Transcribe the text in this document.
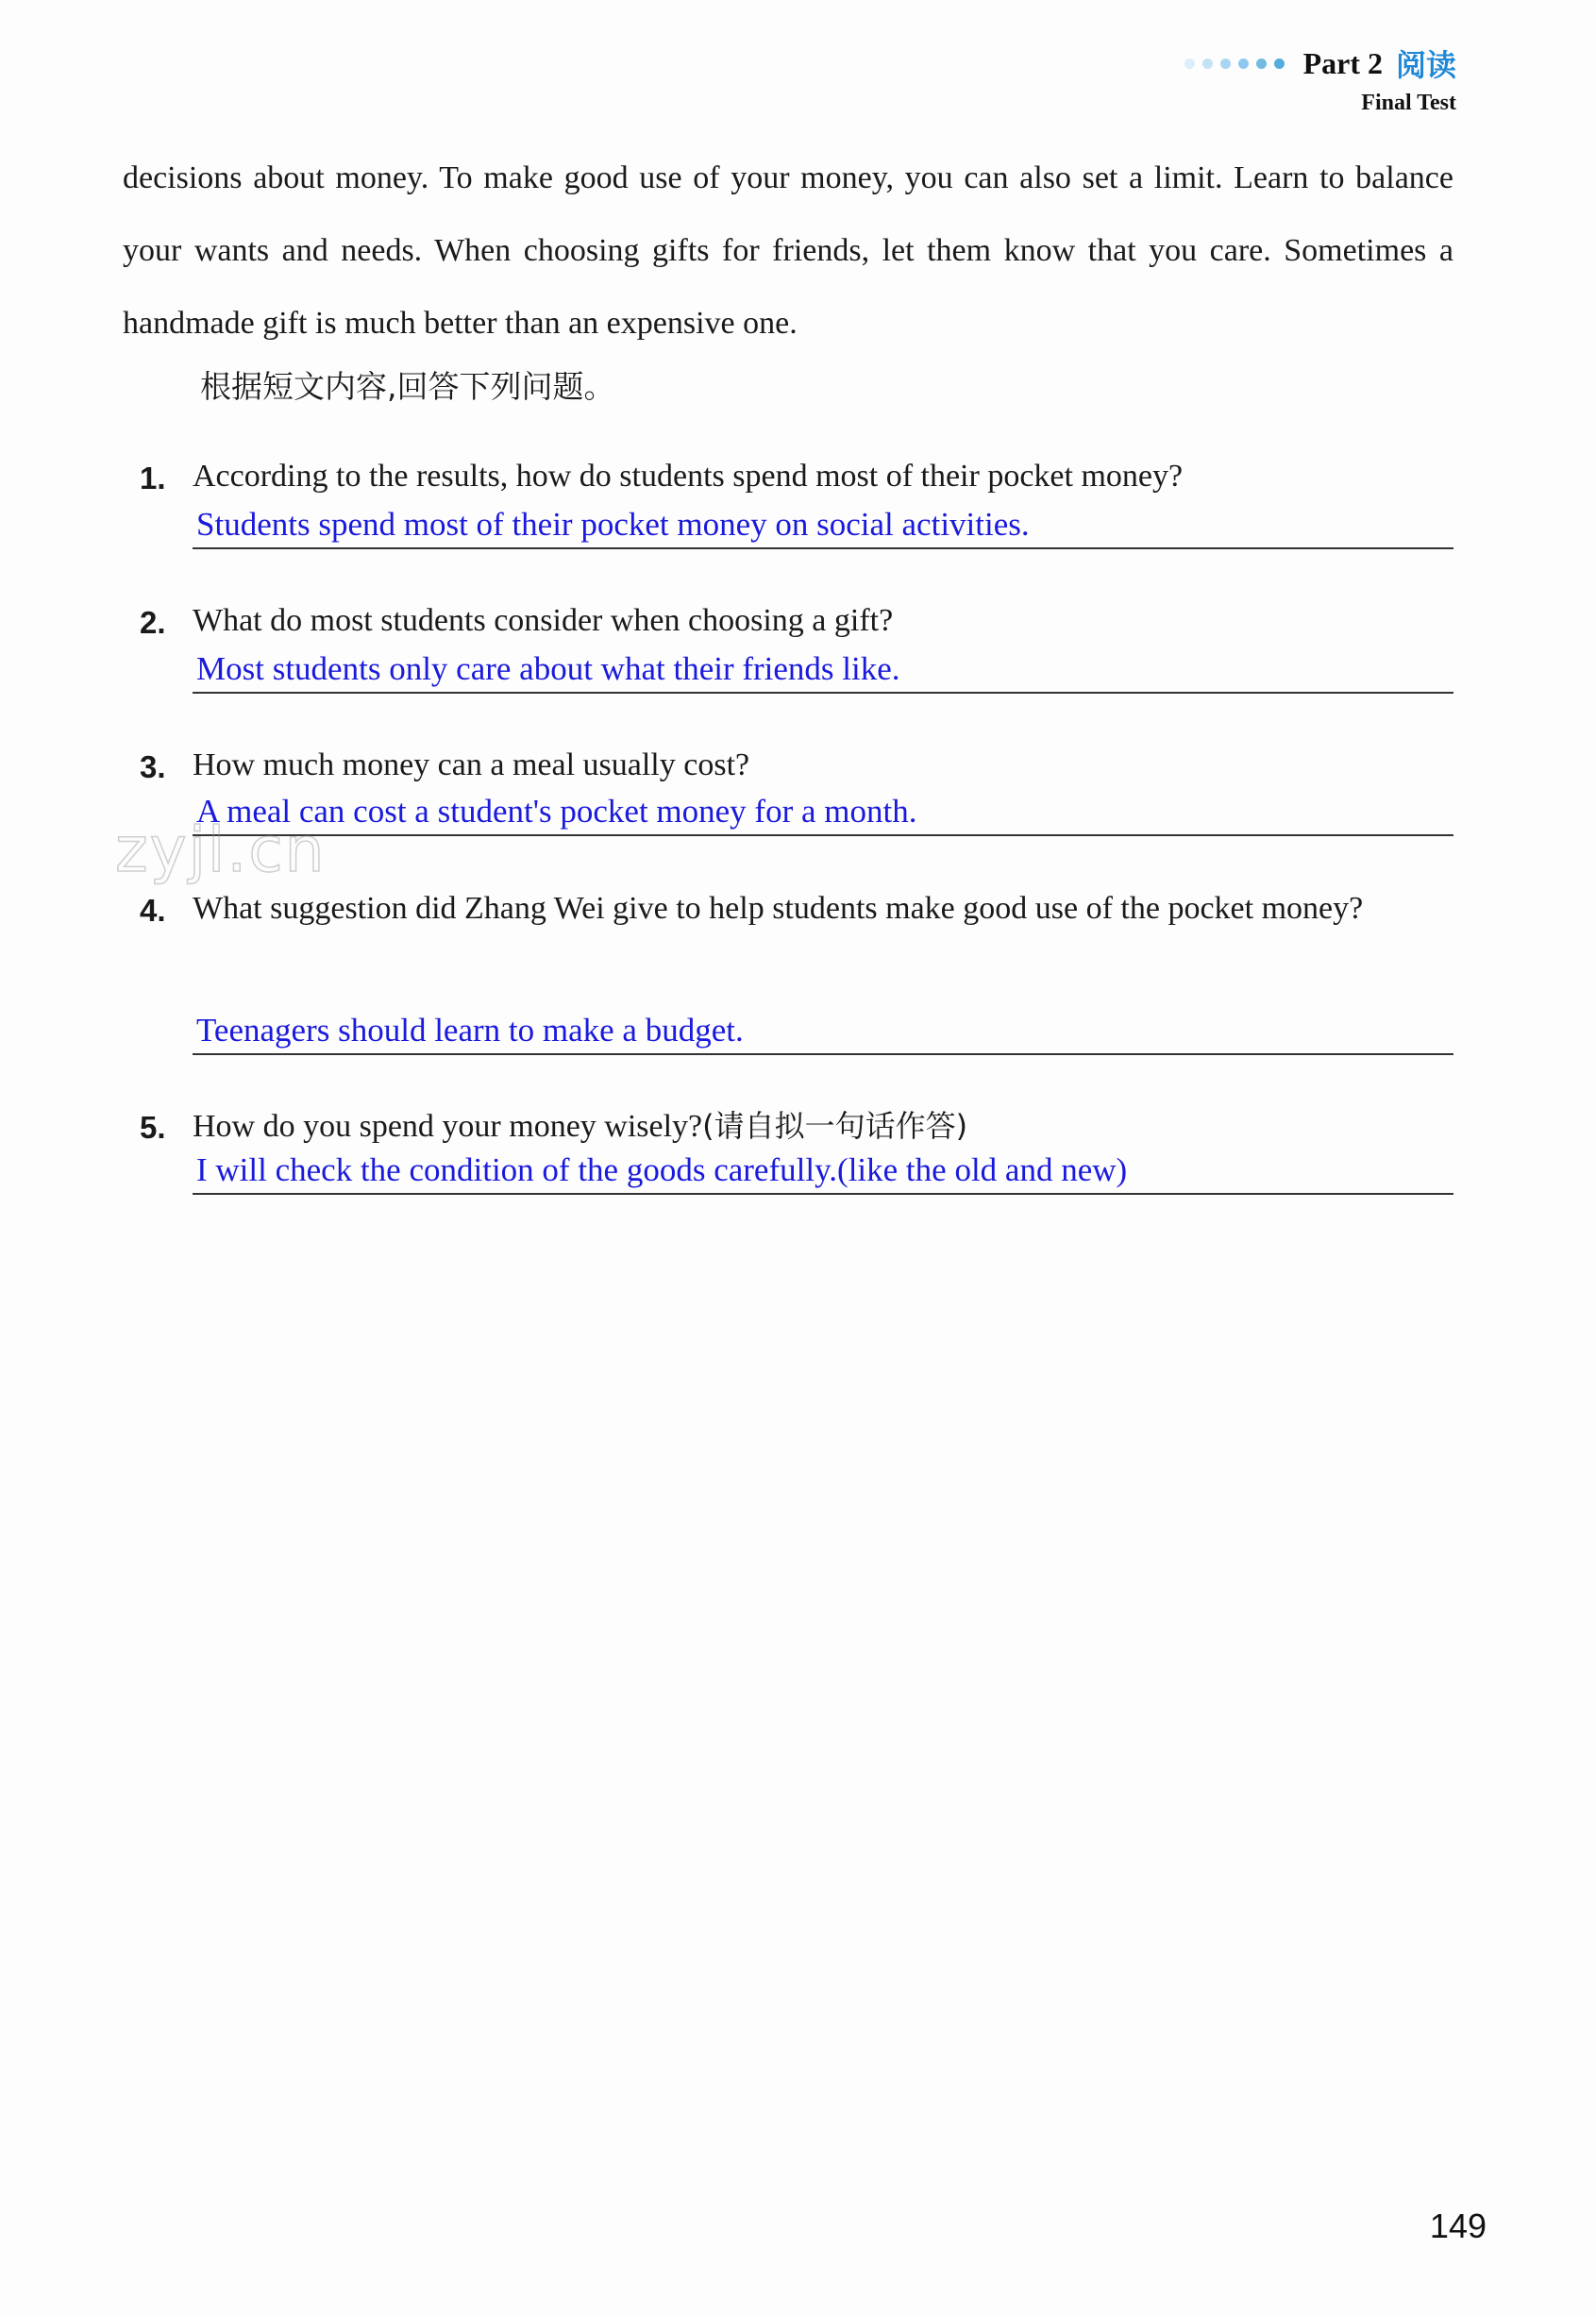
Part 2 阅读
Final Test
decisions about money. To make good use of your money, you can also set a limit. Learn to balance your wants and needs. When choosing gifts for friends, let them know that you care. Sometimes a handmade gift is much better than an expensive one.
根据短文内容,回答下列问题。
1. According to the results, how do students spend most of their pocket money?
Students spend most of their pocket money on social activities.
2. What do most students consider when choosing a gift?
Most students only care about what their friends like.
3. How much money can a meal usually cost?
A meal can cost a student's pocket money for a month.
4. What suggestion did Zhang Wei give to help students make good use of the pocket money?
Teenagers should learn to make a budget.
5. How do you spend your money wisely?(请自拟一句话作答)
I will check the condition of the goods carefully.(like the old and new)
zyjl.cn
149
